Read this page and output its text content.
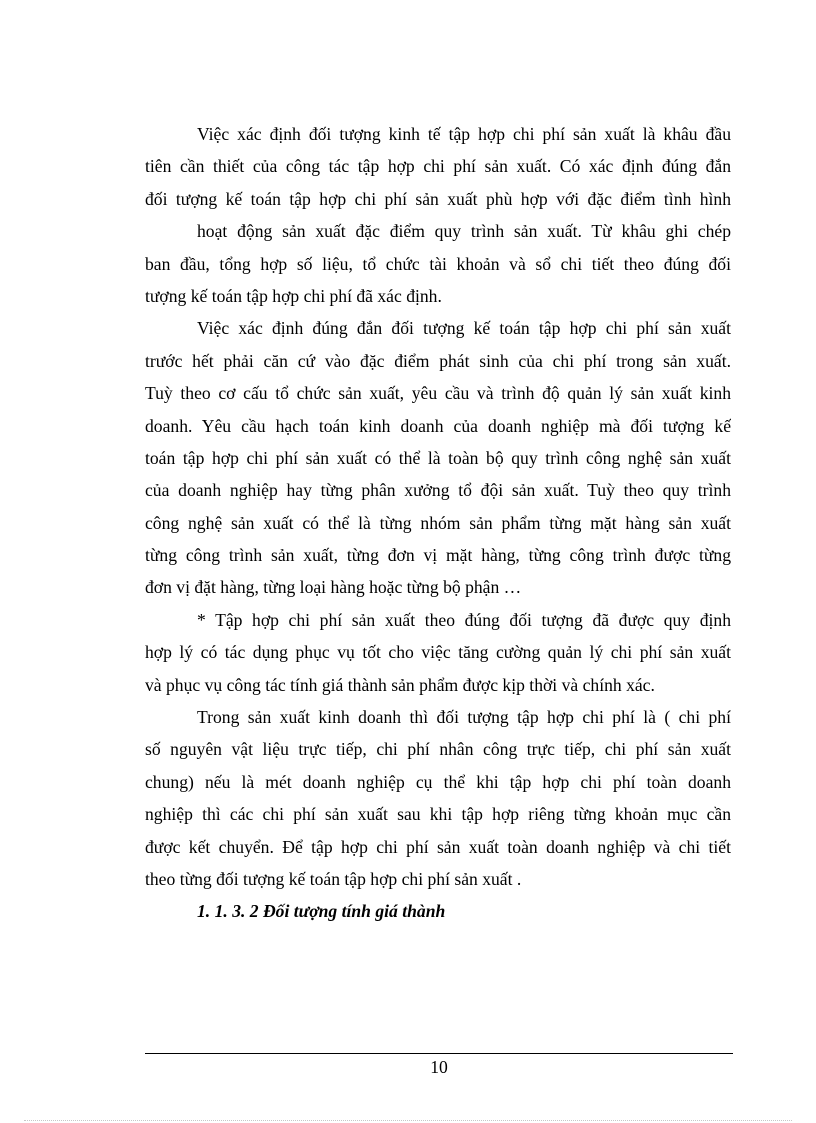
Việc xác định đối tượng kinh tế tập hợp chi phí sản xuất là khâu đầu
tiên cần thiết của công tác tập hợp chi phí sản xuất. Có xác định đúng đắn
đối tượng kế toán tập hợp chi phí sản xuất phù hợp với đặc điểm tình hình
hoạt động sản xuất đặc điểm quy trình sản xuất. Từ khâu ghi chép
ban đầu, tổng hợp số liệu, tổ chức tài khoản và sổ chi tiết theo đúng đối
tượng kế toán tập hợp chi phí đã xác định.
Việc xác định đúng đắn đối tượng kế toán tập hợp chi phí sản xuất
trước hết phải căn cứ vào đặc điểm phát sinh của chi phí trong sản xuất.
Tuỳ theo cơ cấu tổ chức sản xuất, yêu cầu và trình độ quản lý sản xuất kinh
doanh. Yêu cầu hạch toán kinh doanh của doanh nghiệp mà đối tượng kế
toán tập hợp chi phí sản xuất có thể là toàn bộ quy trình công nghệ sản xuất
của doanh nghiệp hay từng phân xưởng tổ đội sản xuất. Tuỳ theo quy trình
công nghệ sản xuất có thể là từng nhóm sản phẩm từng mặt hàng sản xuất
từng công trình sản xuất, từng đơn vị mặt hàng, từng công trình được từng
đơn vị đặt hàng, từng loại hàng hoặc từng bộ phận …
* Tập hợp chi phí sản xuất theo đúng đối tượng đã được quy định
hợp lý có tác dụng phục vụ tốt cho việc tăng cường quản lý chi phí sản xuất
và phục vụ công tác tính giá thành sản phẩm được kịp thời và chính xác.
Trong sản xuất kinh doanh thì đối tượng tập hợp chi phí là ( chi phí
số nguyên vật liệu trực tiếp, chi phí nhân công trực tiếp, chi phí sản xuất
chung) nếu là mét doanh nghiệp cụ thể khi tập hợp chi phí toàn doanh
nghiệp thì các chi phí sản xuất sau khi tập hợp riêng từng khoản mục cần
được kết chuyển. Để tập hợp chi phí sản xuất toàn doanh nghiệp và chi tiết
theo từng đối tượng kế toán tập hợp chi phí sản xuất .
1. 1. 3. 2 Đối tượng tính giá thành
10
